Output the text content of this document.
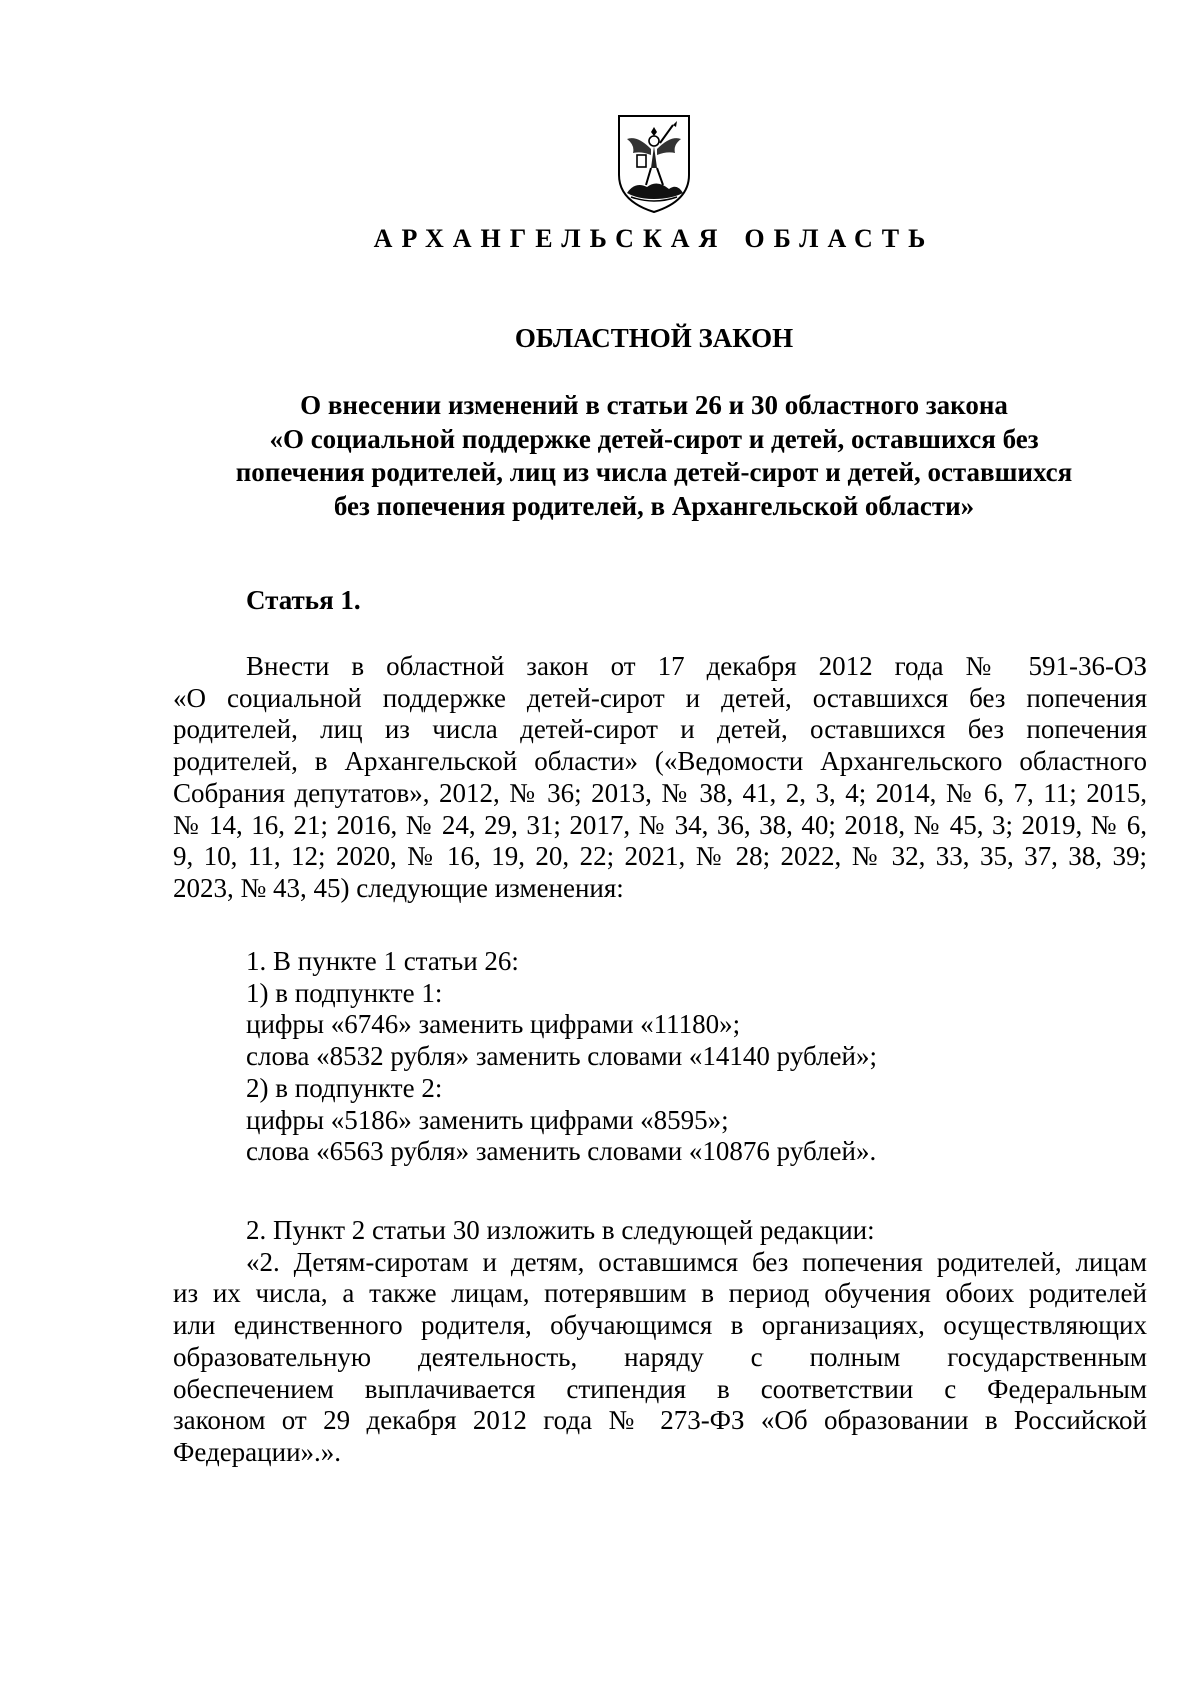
АРХАНГЕЛЬСКАЯ ОБЛАСТЬ
ОБЛАСТНОЙ ЗАКОН
О внесении изменений в статьи 26 и 30 областного закона
«О социальной поддержке детей-сирот и детей, оставшихся без
попечения родителей, лиц из числа детей-сирот и детей, оставшихся
без попечения родителей, в Архангельской области»
Статья 1.
Внести в областной закон от 17 декабря 2012 года № 591-36-ОЗ
«О социальной поддержке детей-сирот и детей, оставшихся без попечения
родителей, лиц из числа детей-сирот и детей, оставшихся без попечения
родителей, в Архангельской области» («Ведомости Архангельского областного
Собрания депутатов», 2012, № 36; 2013, № 38, 41, 2, 3, 4; 2014, № 6, 7, 11; 2015,
№ 14, 16, 21; 2016, № 24, 29, 31; 2017, № 34, 36, 38, 40; 2018, № 45, 3; 2019, № 6,
9, 10, 11, 12; 2020, № 16, 19, 20, 22; 2021, № 28; 2022, № 32, 33, 35, 37, 38, 39;
2023, № 43, 45) следующие изменения:
1. В пункте 1 статьи 26:
1) в подпункте 1:
цифры «6746» заменить цифрами «11180»;
слова «8532 рубля» заменить словами «14140 рублей»;
2) в подпункте 2:
цифры «5186» заменить цифрами «8595»;
слова «6563 рубля» заменить словами «10876 рублей».
2. Пункт 2 статьи 30 изложить в следующей редакции:
«2. Детям-сиротам и детям, оставшимся без попечения родителей, лицам
из их числа, а также лицам, потерявшим в период обучения обоих родителей
или единственного родителя, обучающимся в организациях, осуществляющих
образовательную деятельность, наряду с полным государственным
обеспечением выплачивается стипендия в соответствии с Федеральным
законом от 29 декабря 2012 года № 273-ФЗ «Об образовании в Российской
Федерации».».
